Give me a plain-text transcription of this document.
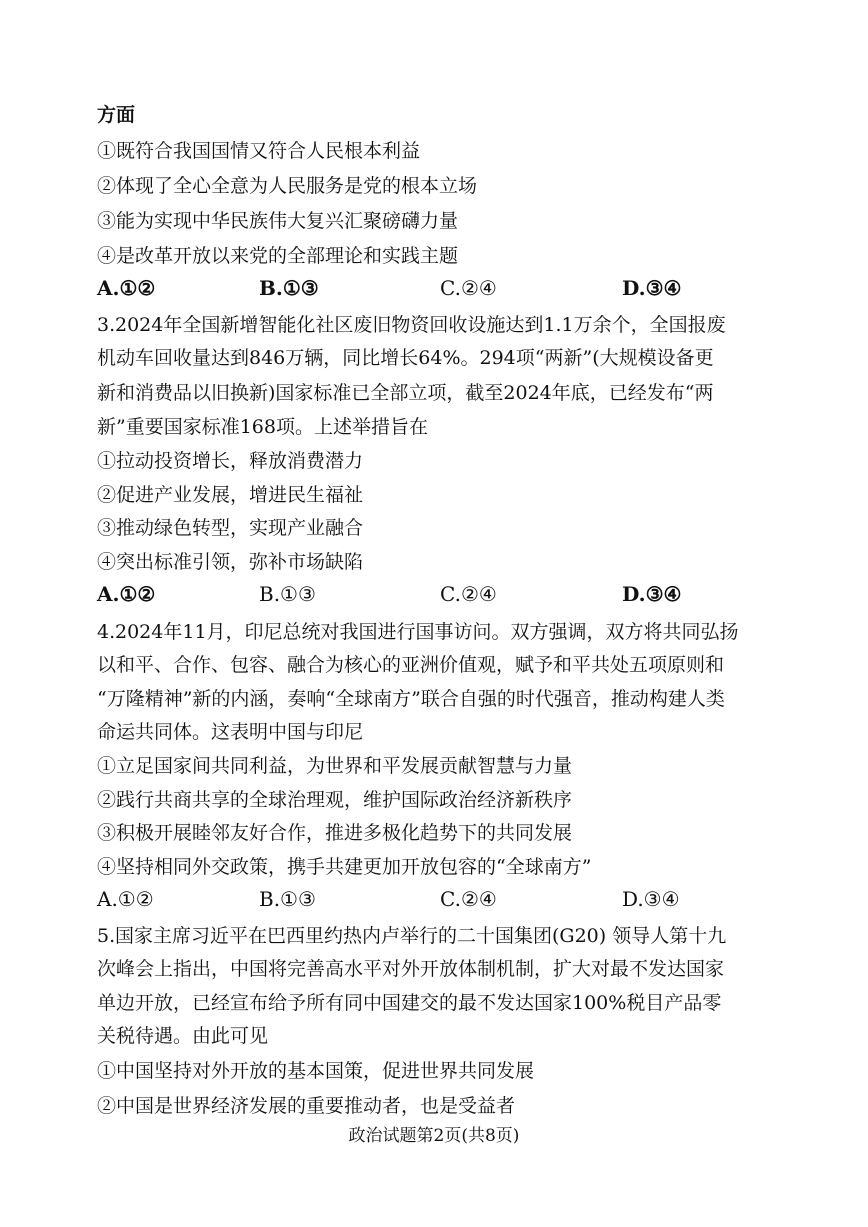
方面
①既符合我国国情又符合人民根本利益
②体现了全心全意为人民服务是党的根本立场
③能为实现中华民族伟大复兴汇聚磅礴力量
④是改革开放以来党的全部理论和实践主题
A.①②	B.①③	C.②④	D.③④
3. 2024年全国新增智能化社区废旧物资回收设施达到1.1万余个，全国报废
机动车回收量达到846万辆，同比增长64%。294项“两新”(大规模设备更
新和消费品以旧换新)国家标准已全部立项，截至2024年底，已经发布“两
新”重要国家标准168项。上述举措旨在
①拉动投资增长，释放消费潜力
②促进产业发展，增进民生福祉
③推动绿色转型，实现产业融合
④突出标准引领，弥补市场缺陷
A.①②	B.①③	C.②④	D.③④
4. 2024年11月，印尼总统对我国进行国事访问。双方强调，双方将共同弘扬
以和平、合作、包容、融合为核心的亚洲价值观，赋予和平共处五项原则和
“万隆精神”新的内涵，奏响“全球南方”联合自强的时代强音，推动构建人类
命运共同体。这表明中国与印尼
①立足国家间共同利益，为世界和平发展贡献智慧与力量
②践行共商共享的全球治理观，维护国际政治经济新秩序
③积极开展睦邻友好合作，推进多极化趋势下的共同发展
④坚持相同外交政策，携手共建更加开放包容的“全球南方”
A.①②	B.①③	C.②④	D.③④
5. 国家主席习近平在巴西里约热内卢举行的二十国集团(G20) 领导人第十九
次峰会上指出，中国将完善高水平对外开放体制机制，扩大对最不发达国家
单边开放，已经宣布给予所有同中国建交的最不发达国家100%税目产品零
关税待遇。由此可见
①中国坚持对外开放的基本国策，促进世界共同发展
②中国是世界经济发展的重要推动者，也是受益者
政治试题第2页(共8页)
